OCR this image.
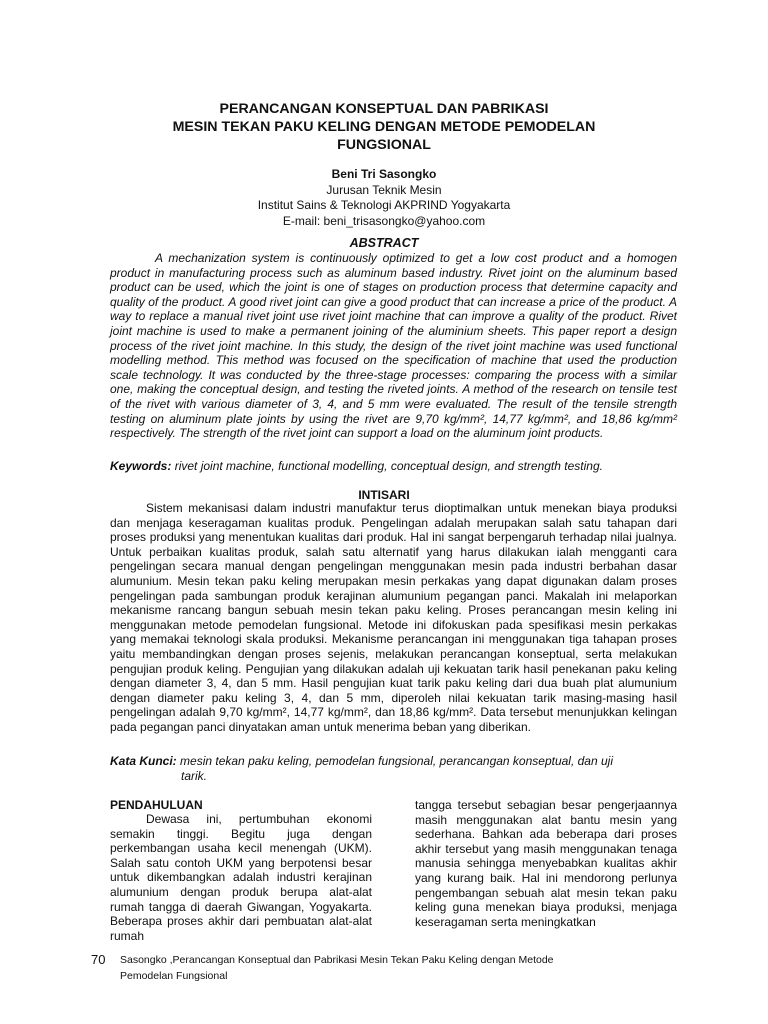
PERANCANGAN KONSEPTUAL DAN PABRIKASI
MESIN TEKAN PAKU KELING DENGAN METODE PEMODELAN
FUNGSIONAL
Beni Tri Sasongko
Jurusan Teknik Mesin
Institut Sains & Teknologi AKPRIND Yogyakarta
E-mail: beni_trisasongko@yahoo.com
ABSTRACT

A mechanization system is continuously optimized to get a low cost product and a homogen product in manufacturing process such as aluminum based industry. Rivet joint on the aluminum based product can be used, which the joint is one of stages on production process that determine capacity and quality of the product. A good rivet joint can give a good product that can increase a price of the product. A way to replace a manual rivet joint use rivet joint machine that can improve a quality of the product. Rivet joint machine is used to make a permanent joining of the aluminium sheets. This paper report a design process of the rivet joint machine. In this study, the design of the rivet joint machine was used functional modelling method. This method was focused on the specification of machine that used the production scale technology. It was conducted by the three-stage processes: comparing the process with a similar one, making the conceptual design, and testing the riveted joints. A method of the research on tensile test of the rivet with various diameter of 3, 4, and 5 mm were evaluated. The result of the tensile strength testing on aluminum plate joints by using the rivet are 9,70 kg/mm², 14,77 kg/mm², and 18,86 kg/mm² respectively. The strength of the rivet joint can support a load on the aluminum joint products.

Keywords: rivet joint machine, functional modelling, conceptual design, and strength testing.
INTISARI

Sistem mekanisasi dalam industri manufaktur terus dioptimalkan untuk menekan biaya produksi dan menjaga keseragaman kualitas produk. Pengelingan adalah merupakan salah satu tahapan dari proses produksi yang menentukan kualitas dari produk. Hal ini sangat berpengaruh terhadap nilai jualnya. Untuk perbaikan kualitas produk, salah satu alternatif yang harus dilakukan ialah mengganti cara pengelingan secara manual dengan pengelingan menggunakan mesin pada industri berbahan dasar alumunium. Mesin tekan paku keling merupakan mesin perkakas yang dapat digunakan dalam proses pengelingan pada sambungan produk kerajinan alumunium pegangan panci. Makalah ini melaporkan mekanisme rancang bangun sebuah mesin tekan paku keling. Proses perancangan mesin keling ini menggunakan metode pemodelan fungsional. Metode ini difokuskan pada spesifikasi mesin perkakas yang memakai teknologi skala produksi. Mekanisme perancangan ini menggunakan tiga tahapan proses yaitu membandingkan dengan proses sejenis, melakukan perancangan konseptual, serta melakukan pengujian produk keling. Pengujian yang dilakukan adalah uji kekuatan tarik hasil penekanan paku keling dengan diameter 3, 4, dan 5 mm. Hasil pengujian kuat tarik paku keling dari dua buah plat alumunium dengan diameter paku keling 3, 4, dan 5 mm, diperoleh nilai kekuatan tarik masing-masing hasil pengelingan adalah 9,70 kg/mm², 14,77 kg/mm², dan 18,86 kg/mm². Data tersebut menunjukkan kelingan pada pegangan panci dinyatakan aman untuk menerima beban yang diberikan.

Kata Kunci: mesin tekan paku keling, pemodelan fungsional, perancangan konseptual, dan uji
tarik.
PENDAHULUAN

Dewasa ini, pertumbuhan ekonomi semakin tinggi. Begitu juga dengan perkembangan usaha kecil menengah (UKM). Salah satu contoh UKM yang berpotensi besar untuk dikembangkan adalah industri kerajinan alumunium dengan produk berupa alat-alat rumah tangga di daerah Giwangan, Yogyakarta. Beberapa proses akhir dari pembuatan alat-alat rumah

tangga tersebut sebagian besar pengerjaannya masih menggunakan alat bantu mesin yang sederhana. Bahkan ada beberapa dari proses akhir tersebut yang masih menggunakan tenaga manusia sehingga menyebabkan kualitas akhir yang kurang baik. Hal ini mendorong perlunya pengembangan sebuah alat mesin tekan paku keling guna menekan biaya produksi, menjaga keseragaman serta meningkatkan

70 Sasongko ,Perancangan Konseptual dan Pabrikasi Mesin Tekan Paku Keling dengan Metode
Pemodelan Fungsional
